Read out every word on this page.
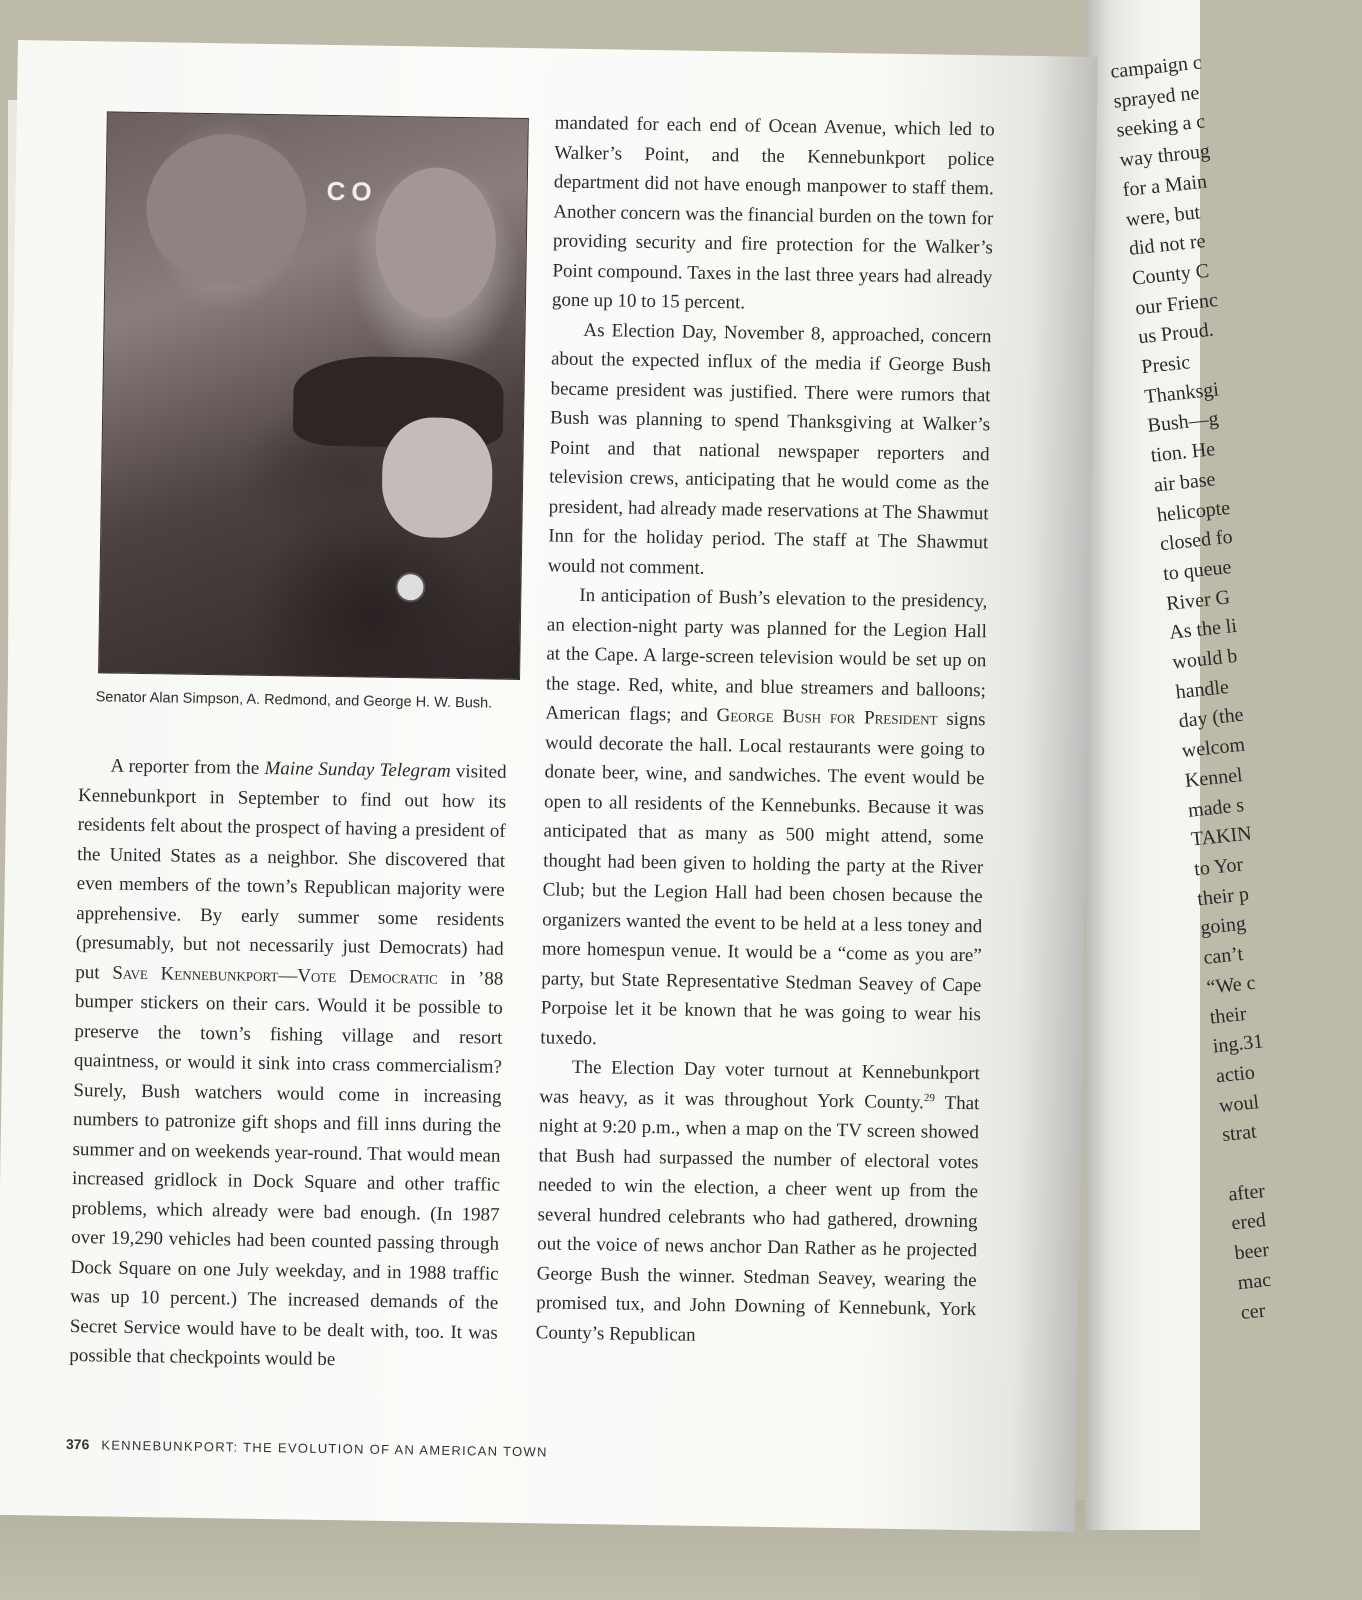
campaign c
sprayed ne
seeking a c
way throug
for a Main
were, but
did not re
County C
our Frienc
us Proud.
Presic
Thanksgi
Bush—g
tion. He
air base
helicopte
closed fo
to queue
River G
As the li
would b
handle
day (the
welcom
Kennel
made s
TAKIN
to Yor
their p
going
can’t
“We c
their
ing.31
actio
woul
strat

after
ered
beer
mac
cer
CO
Senator Alan Simpson, A. Redmond, and George H. W. Bush.

A reporter from the Maine Sunday Telegram visited Kennebunkport in September to find out how its residents felt about the prospect of having a president of the United States as a neighbor. She discovered that even members of the town’s Republican majority were apprehensive. By early summer some residents (presumably, but not necessarily just Democrats) had put Save Kennebunkport—Vote Democratic in ’88 bumper stickers on their cars. Would it be possible to preserve the town’s fishing village and resort quaintness, or would it sink into crass commercialism? Surely, Bush watchers would come in increasing numbers to patronize gift shops and fill inns during the summer and on weekends year-round. That would mean increased gridlock in Dock Square and other traffic problems, which already were bad enough. (In 1987 over 19,290 vehicles had been counted passing through Dock Square on one July weekday, and in 1988 traffic was up 10 percent.) The increased demands of the Secret Service would have to be dealt with, too. It was possible that checkpoints would be

mandated for each end of Ocean Avenue, which led to Walker’s Point, and the Kennebunkport police department did not have enough manpower to staff them. Another concern was the financial burden on the town for providing security and fire protection for the Walker’s Point compound. Taxes in the last three years had already gone up 10 to 15 percent.

As Election Day, November 8, approached, concern about the expected influx of the media if George Bush became president was justified. There were rumors that Bush was planning to spend Thanksgiving at Walker’s Point and that national newspaper reporters and television crews, anticipating that he would come as the president, had already made reservations at The Shawmut Inn for the holiday period. The staff at The Shawmut would not comment.

In anticipation of Bush’s elevation to the presidency, an election-night party was planned for the Legion Hall at the Cape. A large-screen television would be set up on the stage. Red, white, and blue streamers and balloons; American flags; and George Bush for President signs would decorate the hall. Local restaurants were going to donate beer, wine, and sandwiches. The event would be open to all residents of the Kennebunks. Because it was anticipated that as many as 500 might attend, some thought had been given to holding the party at the River Club; but the Legion Hall had been chosen because the organizers wanted the event to be held at a less toney and more homespun venue. It would be a “come as you are” party, but State Representative Stedman Seavey of Cape Porpoise let it be known that he was going to wear his tuxedo.

The Election Day voter turnout at Kennebunkport was heavy, as it was throughout York County.$^{29}$ That night at 9:20 p.m., when a map on the TV screen showed that Bush had surpassed the number of electoral votes needed to win the election, a cheer went up from the several hundred celebrants who had gathered, drowning out the voice of news anchor Dan Rather as he projected George Bush the winner. Stedman Seavey, wearing the promised tux, and John Downing of Kennebunk, York County’s Republican

376 KENNEBUNKPORT: THE EVOLUTION OF AN AMERICAN TOWN
